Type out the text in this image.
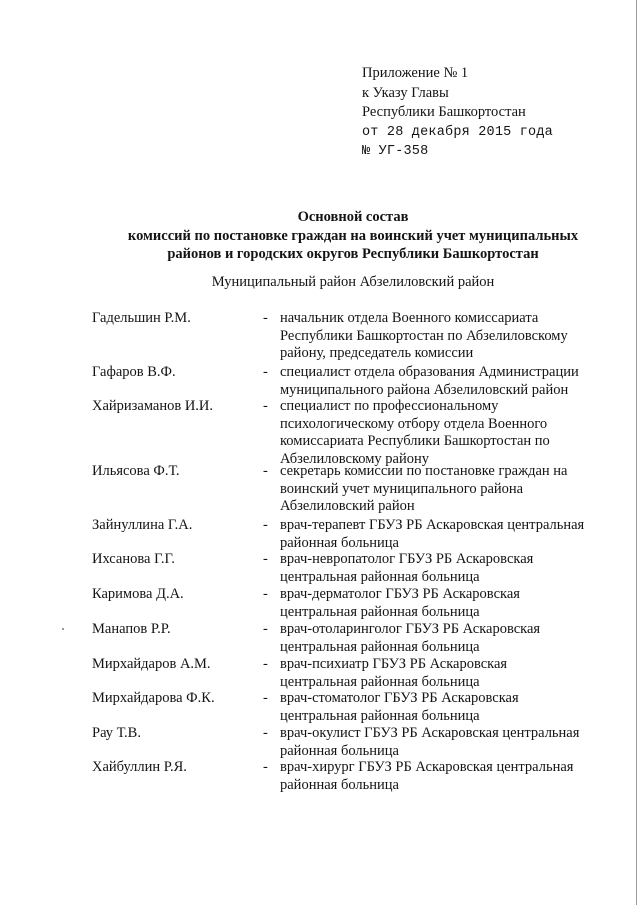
Приложение № 1
к Указу Главы
Республики Башкортостан
от 28 декабря 2015 года
№ УГ-358
Основной состав
комиссий по постановке граждан на воинский учет муниципальных
районов и городских округов Республики Башкортостан
Муниципальный район Абзелиловский район
Гадельшин Р.М.	- начальник отдела Военного комиссариата
Республики Башкортостан по Абзелиловскому
району, председатель комиссии
Гафаров В.Ф.	- специалист отдела образования Администрации
муниципального района Абзелиловский район
Хайризаманов И.И.	- специалист по профессиональному
психологическому отбору отдела Военного
комиссариата Республики Башкортостан по
Абзелиловскому району
Ильясова Ф.Т.	- секретарь комиссии по постановке граждан на
воинский учет муниципального района
Абзелиловский район
Зайнуллина Г.А.	- врач-терапевт ГБУЗ РБ Аскаровская центральная
районная больница
Ихсанова Г.Г.	- врач-невропатолог ГБУЗ РБ Аскаровская
центральная районная больница
Каримова Д.А.	- врач-дерматолог ГБУЗ РБ Аскаровская
центральная районная больница
Манапов Р.Р.	- врач-отоларинголог ГБУЗ РБ Аскаровская
центральная районная больница
Мирхайдаров А.М.	- врач-психиатр ГБУЗ РБ Аскаровская
центральная районная больница
Мирхайдарова Ф.К.	- врач-стоматолог ГБУЗ РБ Аскаровская
центральная районная больница
Рау Т.В.	- врач-окулист ГБУЗ РБ Аскаровская центральная
районная больница
Хайбуллин Р.Я.	- врач-хирург ГБУЗ РБ Аскаровская центральная
районная больница
